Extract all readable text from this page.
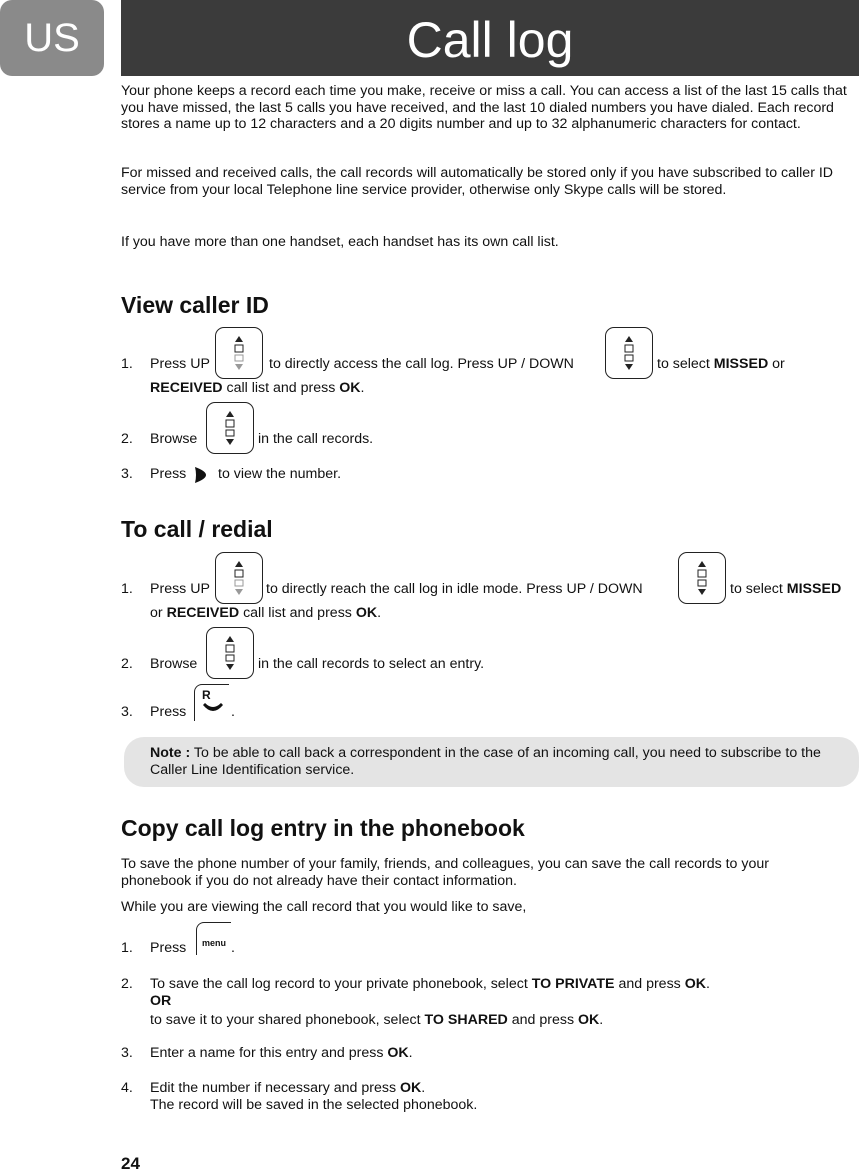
US	Call log
Your phone keeps a record each time you make, receive or miss a call. You can access a list of the last 15 calls that you have missed, the last 5 calls you have received, and the last 10 dialed numbers you have dialed. Each record stores a name up to 12 characters and a 20 digits number and up to 32 alphanumeric characters for contact.
For missed and received calls, the call records will automatically be stored only if you have subscribed to caller ID service from your local Telephone line service provider, otherwise only Skype calls will be stored.
If you have more than one handset, each handset has its own call list.
View caller ID
1. Press UP	to directly access the call log. Press UP / DOWN	to select MISSED or
RECEIVED call list and press OK.
2. Browse	in the call records.
3. Press to view the number.
To call / redial
1. Press UP	to directly reach the call log in idle mode. Press UP / DOWN	to select MISSED
or RECEIVED call list and press OK.
2. Browse	in the call records to select an entry.
3. Press
R
.
Note : To be able to call back a correspondent in the case of an incoming call, you need to subscribe to the Caller Line Identification service.
Copy call log entry in the phonebook
To save the phone number of your family, friends, and colleagues, you can save the call records to your phonebook if you do not already have their contact information.
While you are viewing the call record that you would like to save,
1. Press menu .
2. To save the call log record to your private phonebook, select TO PRIVATE and press OK.
OR
to save it to your shared phonebook, select TO SHARED and press OK.
3. Enter a name for this entry and press OK.
4. Edit the number if necessary and press OK.
The record will be saved in the selected phonebook.
24
